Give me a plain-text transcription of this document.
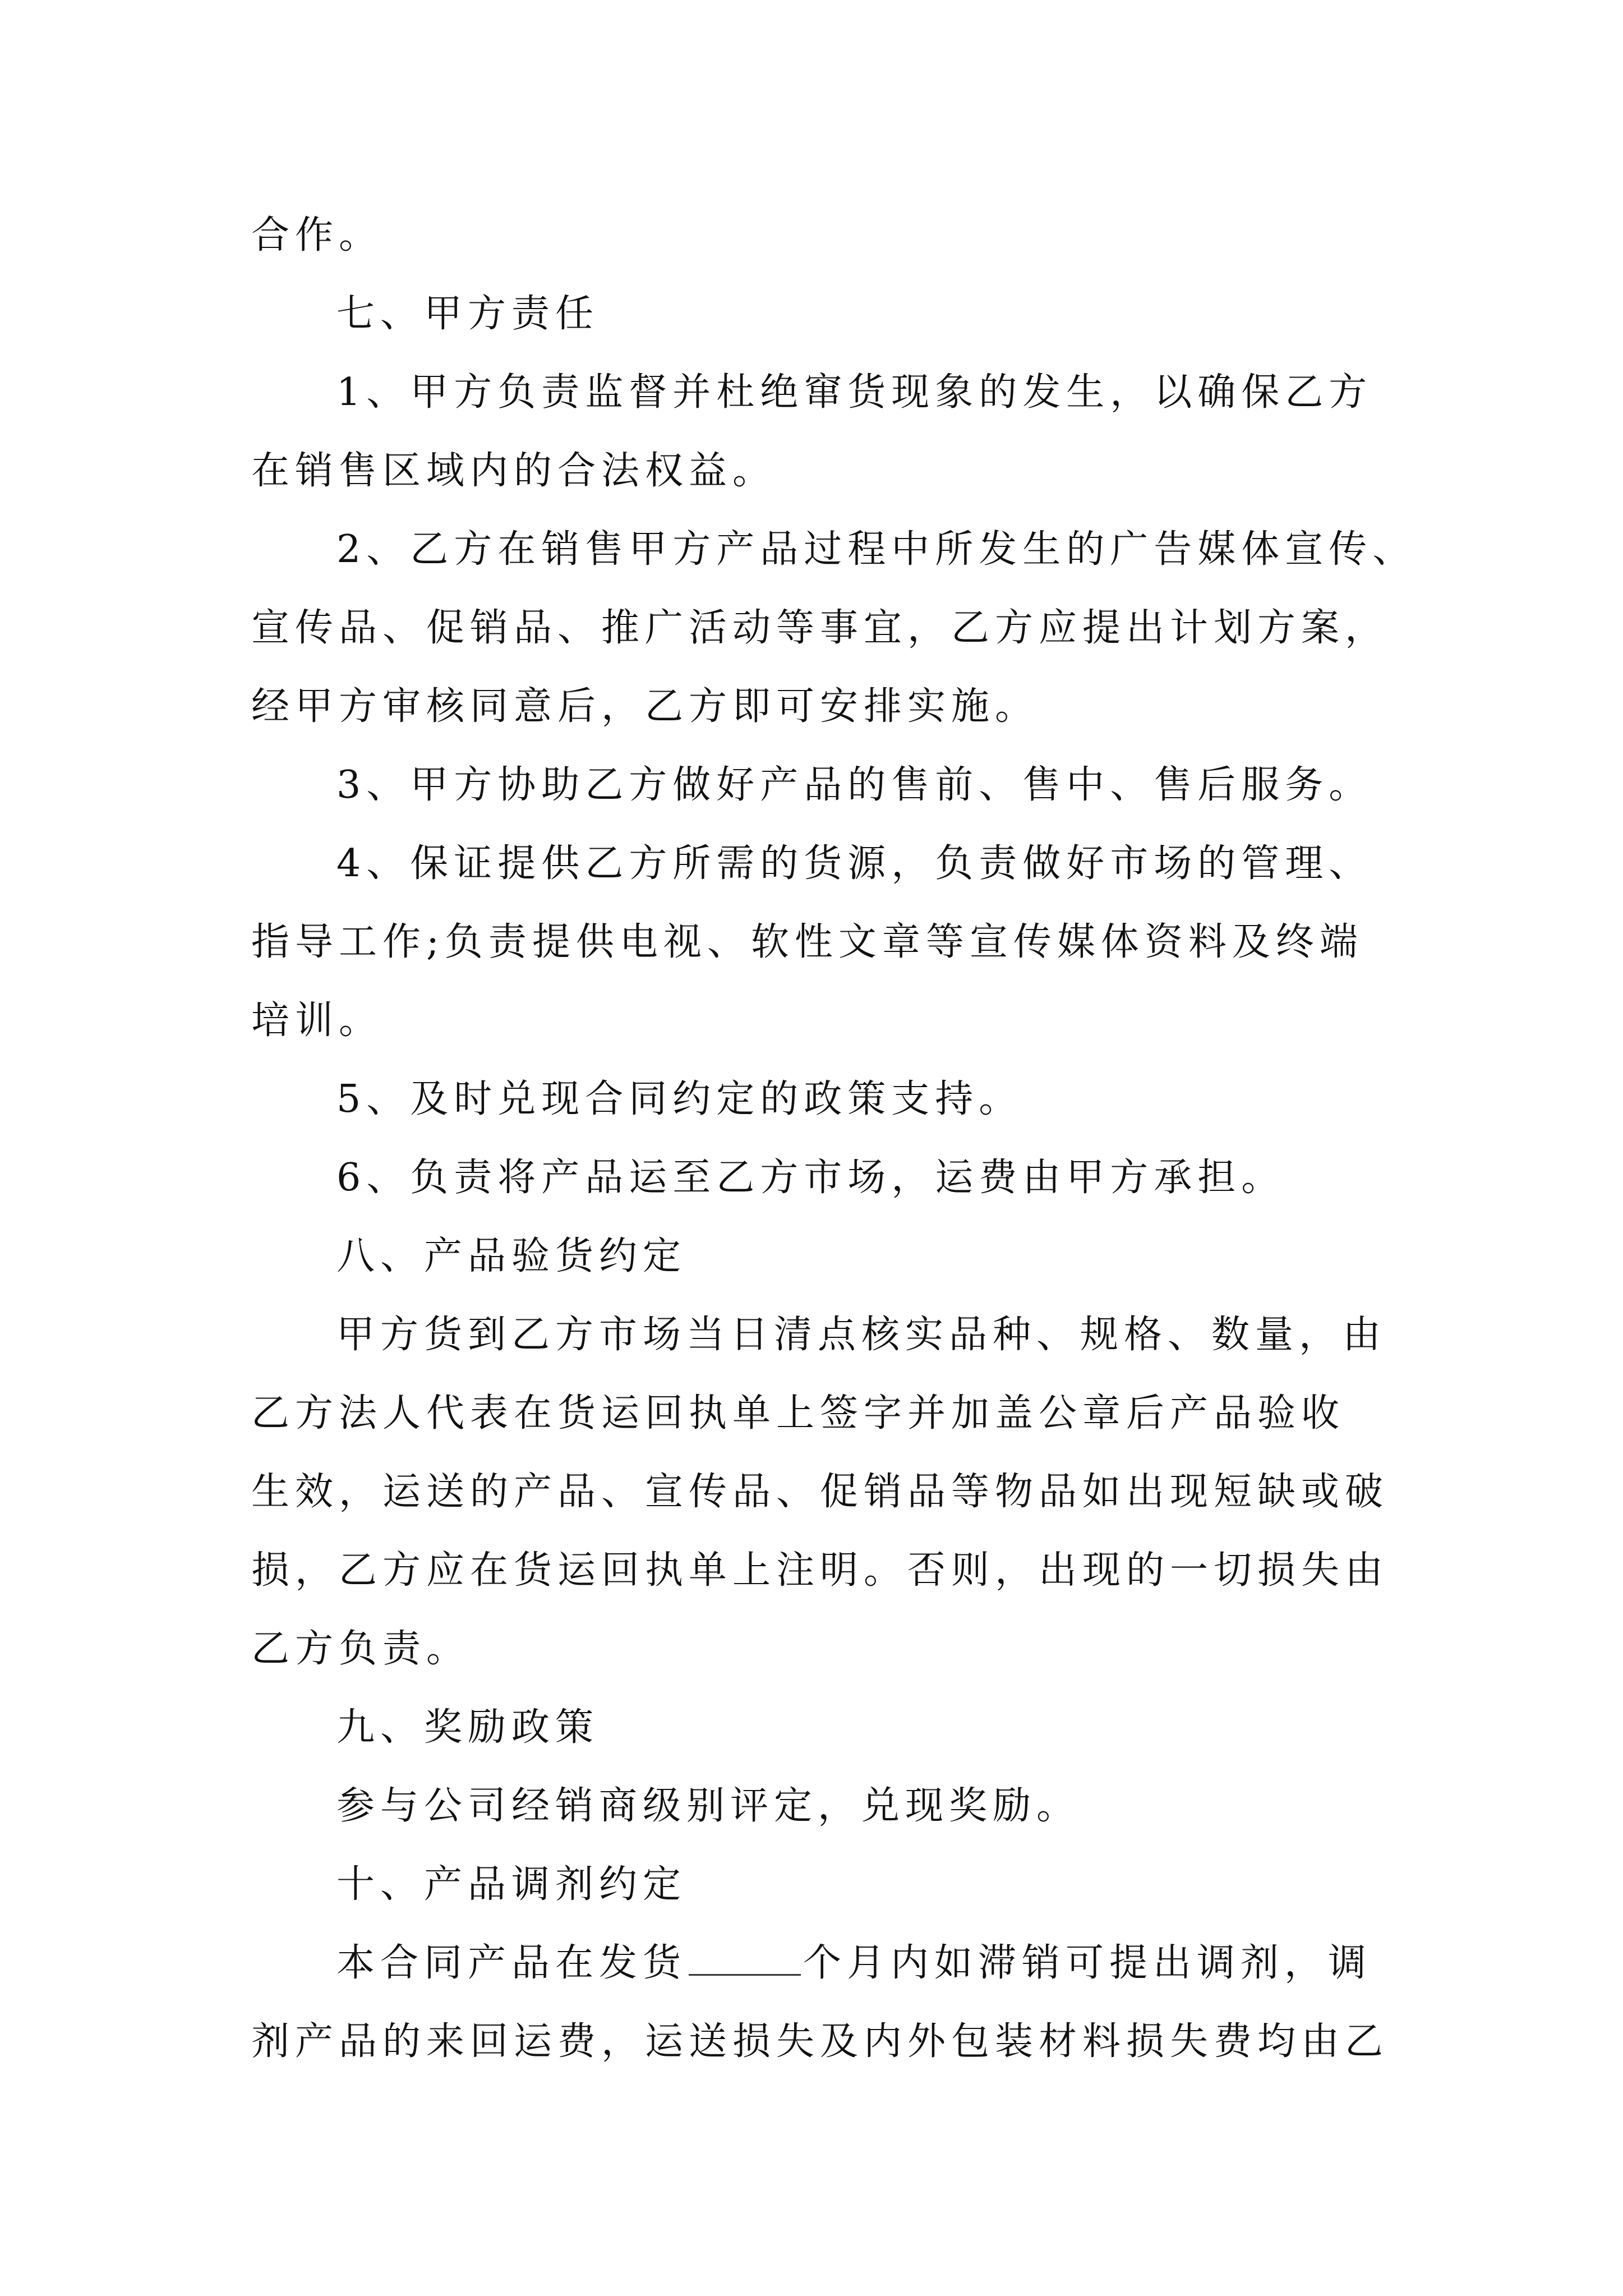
合作。
七、甲方责任
1、甲方负责监督并杜绝窜货现象的发生，以确保乙方
在销售区域内的合法权益。
2、乙方在销售甲方产品过程中所发生的广告媒体宣传、
宣传品、促销品、推广活动等事宜，乙方应提出计划方案，
经甲方审核同意后，乙方即可安排实施。
3、甲方协助乙方做好产品的售前、售中、售后服务。
4、保证提供乙方所需的货源，负责做好市场的管理、
指导工作;负责提供电视、软性文章等宣传媒体资料及终端
培训。
5、及时兑现合同约定的政策支持。
6、负责将产品运至乙方市场，运费由甲方承担。
八、产品验货约定
甲方货到乙方市场当日清点核实品种、规格、数量，由
乙方法人代表在货运回执单上签字并加盖公章后产品验收
生效，运送的产品、宣传品、促销品等物品如出现短缺或破
损，乙方应在货运回执单上注明。否则，出现的一切损失由
乙方负责。
九、奖励政策
参与公司经销商级别评定，兑现奖励。
十、产品调剂约定
本合同产品在发货	个月内如滞销可提出调剂，调
剂产品的来回运费，运送损失及内外包装材料损失费均由乙
